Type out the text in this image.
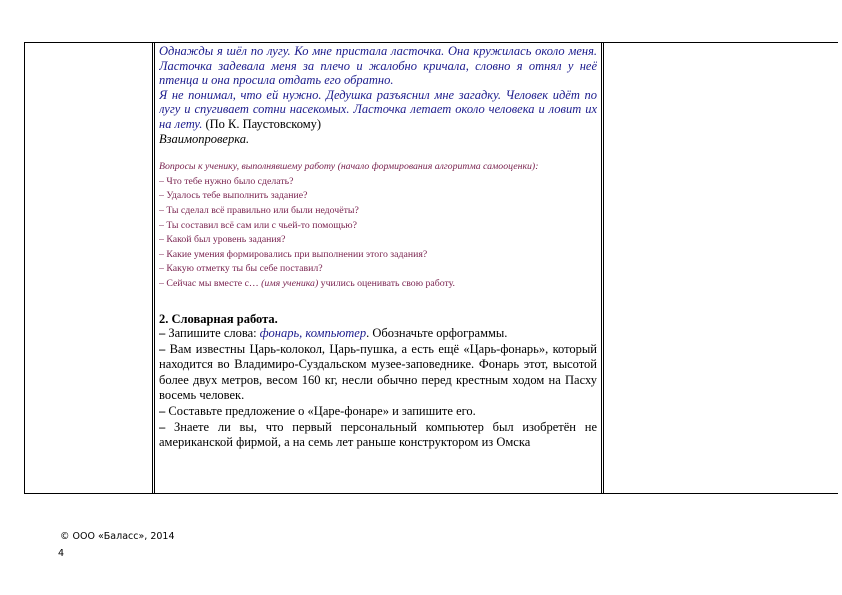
Однажды я шёл по лугу. Ко мне пристала ласточка. Она кружилась около меня. Ласточка задевала меня за плечо и жалобно кричала, словно я отнял у неё птенца и она просила отдать его обратно.

Я не понимал, что ей нужно. Дедушка разъяснил мне загадку. Человек идёт по лугу и спугивает сотни насекомых. Ласточка летает около человека и ловит их на лету. (По К. Паустовскому)

Взаимопроверка.

Вопросы к ученику, выполнявшему работу (начало формирования алгоритма самооценки):

– Что тебе нужно было сделать?

– Удалось тебе выполнить задание?

– Ты сделал всё правильно или были недочёты?

– Ты составил всё сам или с чьей-то помощью?

– Какой был уровень задания?

– Какие умения формировались при выполнении этого задания?

– Какую отметку ты бы себе поставил?

– Сейчас мы вместе с… (имя ученика) учились оценивать свою работу.

2. Словарная работа.

– Запишите слова: фонарь, компьютер. Обозначьте орфограммы.

– Вам известны Царь-колокол, Царь-пушка, а есть ещё «Царь-фонарь», который находится во Владимиро-Суздальском музее-заповеднике. Фонарь этот, высотой более двух метров, весом 160 кг, несли обычно перед крестным ходом на Пасху восемь человек.

– Составьте предложение о «Царе-фонаре» и запишите его.

– Знаете ли вы, что первый персональный компьютер был изобретён не американской фирмой, а на семь лет раньше конструктором из Омска

© ООО «Баласс», 2014
4
